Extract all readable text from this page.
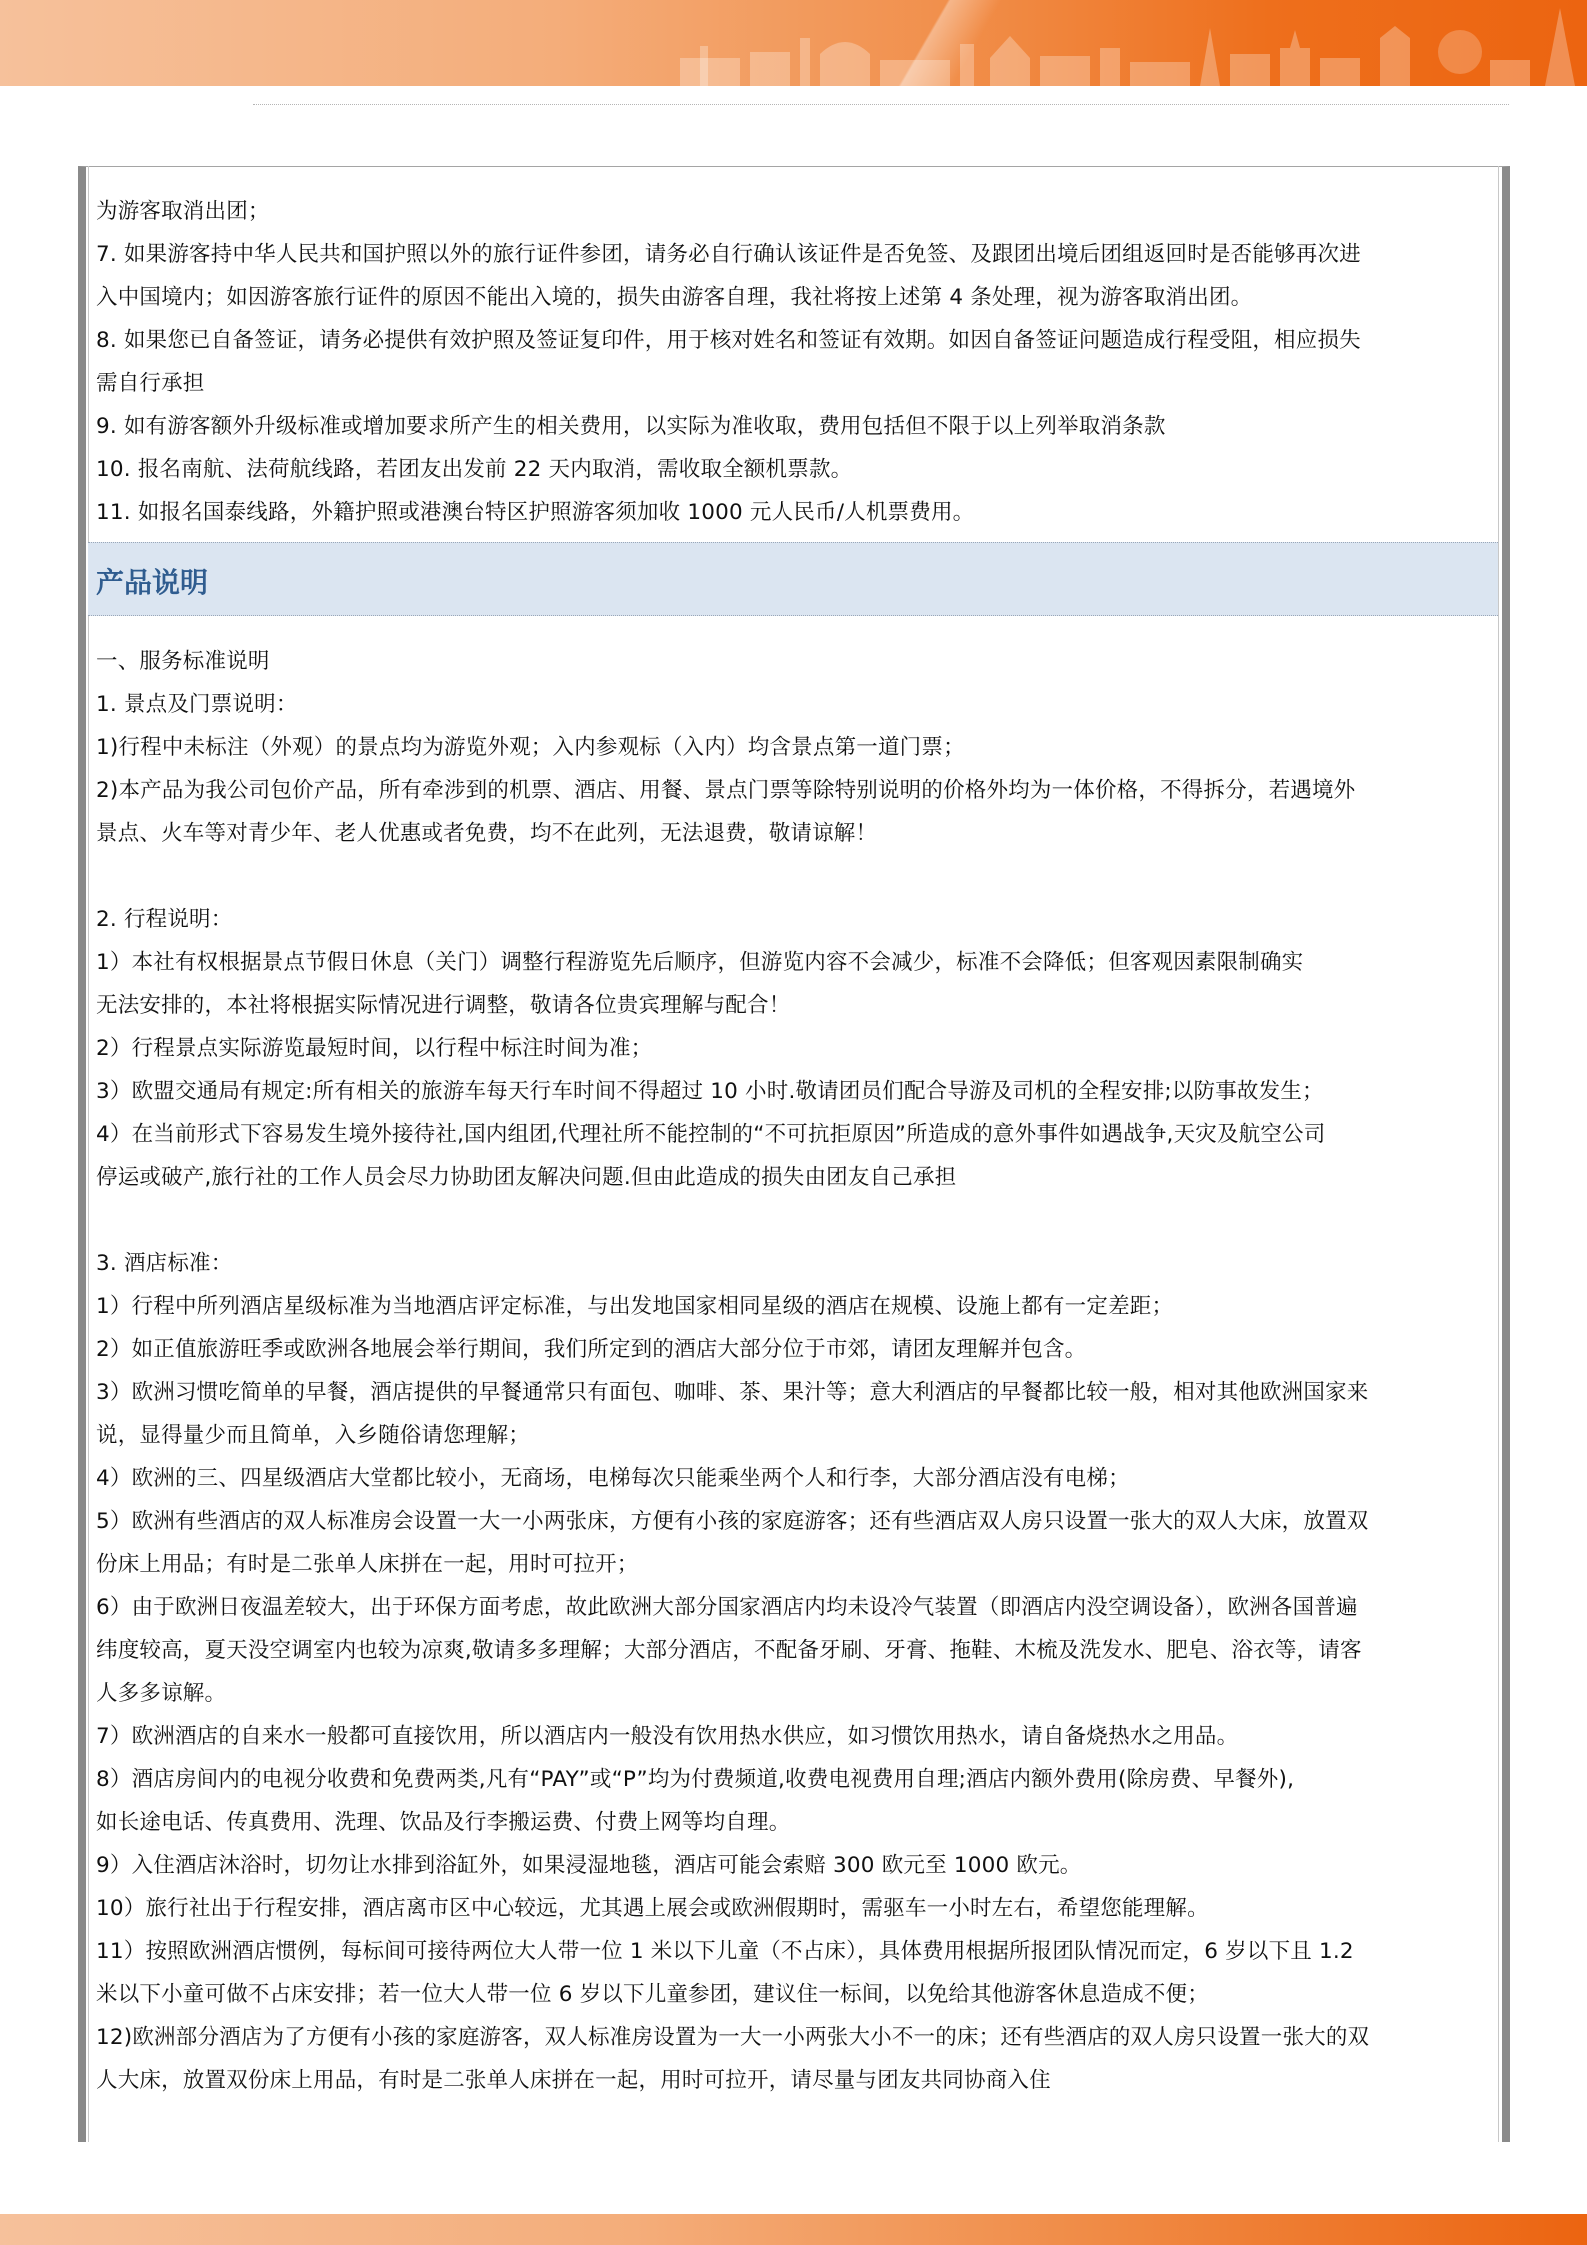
为游客取消出团；

7. 如果游客持中华人民共和国护照以外的旅行证件参团，请务必自行确认该证件是否免签、及跟团出境后团组返回时是否能够再次进

入中国境内；如因游客旅行证件的原因不能出入境的，损失由游客自理，我社将按上述第 4 条处理，视为游客取消出团。

8. 如果您已自备签证，请务必提供有效护照及签证复印件，用于核对姓名和签证有效期。如因自备签证问题造成行程受阻，相应损失

需自行承担

9. 如有游客额外升级标准或增加要求所产生的相关费用，以实际为准收取，费用包括但不限于以上列举取消条款

10. 报名南航、法荷航线路，若团友出发前 22 天内取消，需收取全额机票款。

11. 如报名国泰线路，外籍护照或港澳台特区护照游客须加收 1000 元人民币/人机票费用。

产品说明

一、服务标准说明

1. 景点及门票说明：

1)行程中未标注（外观）的景点均为游览外观；入内参观标（入内）均含景点第一道门票；

2)本产品为我公司包价产品，所有牵涉到的机票、酒店、用餐、景点门票等除特别说明的价格外均为一体价格，不得拆分，若遇境外

景点、火车等对青少年、老人优惠或者免费，均不在此列，无法退费，敬请谅解！

2. 行程说明：

1）本社有权根据景点节假日休息（关门）调整行程游览先后顺序，但游览内容不会减少，标准不会降低；但客观因素限制确实

无法安排的，本社将根据实际情况进行调整，敬请各位贵宾理解与配合！

2）行程景点实际游览最短时间，以行程中标注时间为准；

3）欧盟交通局有规定:所有相关的旅游车每天行车时间不得超过 10 小时.敬请团员们配合导游及司机的全程安排;以防事故发生；

4）在当前形式下容易发生境外接待社,国内组团,代理社所不能控制的“不可抗拒原因”所造成的意外事件如遇战争,天灾及航空公司

停运或破产,旅行社的工作人员会尽力协助团友解决问题.但由此造成的损失由团友自己承担

3. 酒店标准：

1）行程中所列酒店星级标准为当地酒店评定标准，与出发地国家相同星级的酒店在规模、设施上都有一定差距；

2）如正值旅游旺季或欧洲各地展会举行期间，我们所定到的酒店大部分位于市郊，请团友理解并包含。

3）欧洲习惯吃简单的早餐，酒店提供的早餐通常只有面包、咖啡、茶、果汁等；意大利酒店的早餐都比较一般，相对其他欧洲国家来

说，显得量少而且简单，入乡随俗请您理解；

4）欧洲的三、四星级酒店大堂都比较小，无商场，电梯每次只能乘坐两个人和行李，大部分酒店没有电梯；

5）欧洲有些酒店的双人标准房会设置一大一小两张床，方便有小孩的家庭游客；还有些酒店双人房只设置一张大的双人大床，放置双

份床上用品；有时是二张单人床拼在一起，用时可拉开；

6）由于欧洲日夜温差较大，出于环保方面考虑，故此欧洲大部分国家酒店内均未设冷气装置（即酒店内没空调设备），欧洲各国普遍

纬度较高，夏天没空调室内也较为凉爽,敬请多多理解；大部分酒店，不配备牙刷、牙膏、拖鞋、木梳及洗发水、肥皂、浴衣等，请客

人多多谅解。

7）欧洲酒店的自来水一般都可直接饮用，所以酒店内一般没有饮用热水供应，如习惯饮用热水，请自备烧热水之用品。

8）酒店房间内的电视分收费和免费两类,凡有“PAY”或“P”均为付费频道,收费电视费用自理;酒店内额外费用(除房费、早餐外),

如长途电话、传真费用、洗理、饮品及行李搬运费、付费上网等均自理。

9）入住酒店沐浴时，切勿让水排到浴缸外，如果浸湿地毯，酒店可能会索赔 300 欧元至 1000 欧元。

10）旅行社出于行程安排，酒店离市区中心较远，尤其遇上展会或欧洲假期时，需驱车一小时左右，希望您能理解。

11）按照欧洲酒店惯例，每标间可接待两位大人带一位 1 米以下儿童（不占床），具体费用根据所报团队情况而定，6 岁以下且 1.2

米以下小童可做不占床安排；若一位大人带一位 6 岁以下儿童参团，建议住一标间，以免给其他游客休息造成不便；

12)欧洲部分酒店为了方便有小孩的家庭游客，双人标准房设置为一大一小两张大小不一的床；还有些酒店的双人房只设置一张大的双

人大床，放置双份床上用品，有时是二张单人床拼在一起，用时可拉开，请尽量与团友共同协商入住
